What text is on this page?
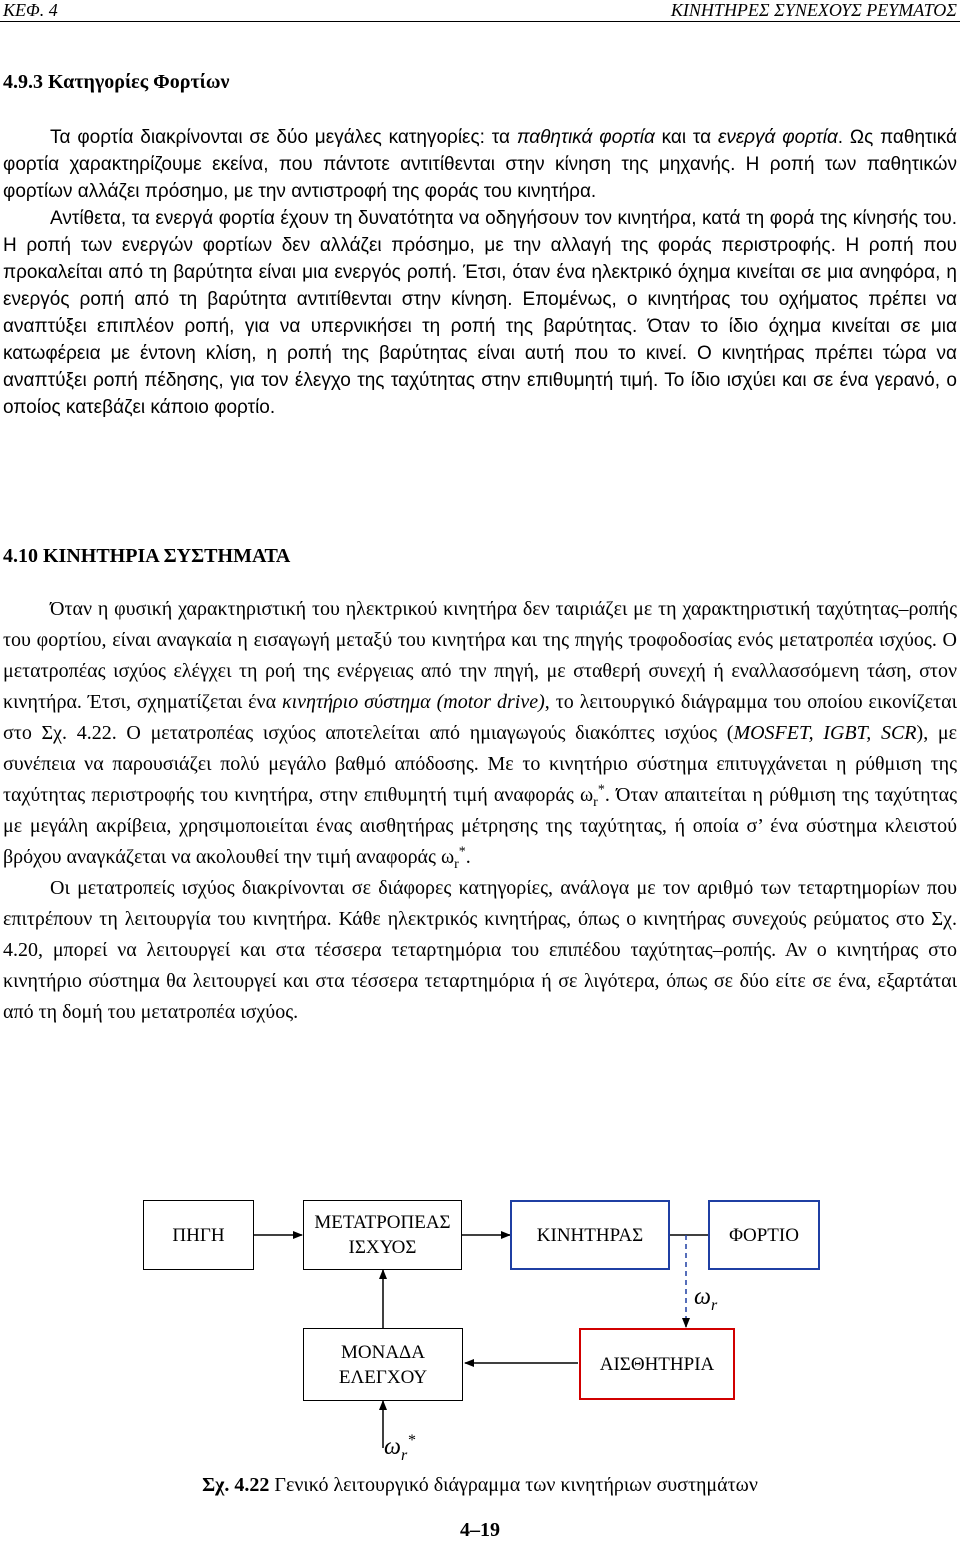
ΚΕΦ. 4	ΚΙΝΗΤΗΡΕΣ ΣΥΝΕΧΟΥΣ ΡΕΥΜΑΤΟΣ
4.9.3 Κατηγορίες Φορτίων

Τα φορτία διακρίνονται σε δύο μεγάλες κατηγορίες: τα παθητικά φορτία και τα ενεργά φορτία. Ως παθητικά φορτία χαρακτηρίζουμε εκείνα, που πάντοτε αντιτίθενται στην κίνηση της μηχανής. Η ροπή των παθητικών φορτίων αλλάζει πρόσημο, με την αντιστροφή της φοράς του κινητήρα.

Αντίθετα, τα ενεργά φορτία έχουν τη δυνατότητα να οδηγήσουν τον κινητήρα, κατά τη φορά της κίνησής του. Η ροπή των ενεργών φορτίων δεν αλλάζει πρόσημο, με την αλλαγή της φοράς περιστροφής. Η ροπή που προκαλείται από τη βαρύτητα είναι μια ενεργός ροπή. Έτσι, όταν ένα ηλεκτρικό όχημα κινείται σε μια ανηφόρα, η ενεργός ροπή από τη βαρύτητα αντιτίθενται στην κίνηση. Επομένως, ο κινητήρας του οχήματος πρέπει να αναπτύξει επιπλέον ροπή, για να υπερνικήσει τη ροπή της βαρύτητας. Όταν το ίδιο όχημα κινείται σε μια κατωφέρεια με έντονη κλίση, η ροπή της βαρύτητας είναι αυτή που το κινεί. Ο κινητήρας πρέπει τώρα να αναπτύξει ροπή πέδησης, για τον έλεγχο της ταχύτητας στην επιθυμητή τιμή. Το ίδιο ισχύει και σε ένα γερανό, ο οποίος κατεβάζει κάποιο φορτίο.

4.10 ΚΙΝΗΤΗΡΙΑ ΣΥΣΤΗΜΑΤΑ

Όταν η φυσική χαρακτηριστική του ηλεκτρικού κινητήρα δεν ταιριάζει με τη χαρακτηριστική ταχύτητας–ροπής του φορτίου, είναι αναγκαία η εισαγωγή μεταξύ του κινητήρα και της πηγής τροφοδοσίας ενός μετατροπέα ισχύος. Ο μετατροπέας ισχύος ελέγχει τη ροή της ενέργειας από την πηγή, με σταθερή συνεχή ή εναλλασσόμενη τάση, στον κινητήρα. Έτσι, σχηματίζεται ένα κινητήριο σύστημα (motor drive), το λειτουργικό διάγραμμα του οποίου εικονίζεται στο Σχ. 4.22. Ο μετατροπέας ισχύος αποτελείται από ημιαγωγούς διακόπτες ισχύος (MOSFET, IGBT, SCR), με συνέπεια να παρουσιάζει πολύ μεγάλο βαθμό απόδοσης. Με το κινητήριο σύστημα επιτυγχάνεται η ρύθμιση της ταχύτητας περιστροφής του κινητήρα, στην επιθυμητή τιμή αναφοράς $\omega_r^*$. Όταν απαιτείται η ρύθμιση της ταχύτητας με μεγάλη ακρίβεια, χρησιμοποιείται ένας αισθητήρας μέτρησης της ταχύτητας, ή οποία σ’ ένα σύστημα κλειστού βρόχου αναγκάζεται να ακολουθεί την τιμή αναφοράς $\omega_r^*$.

Οι μετατροπείς ισχύος διακρίνονται σε διάφορες κατηγορίες, ανάλογα με τον αριθμό των τεταρτημορίων που επιτρέπουν τη λειτουργία του κινητήρα. Κάθε ηλεκτρικός κινητήρας, όπως ο κινητήρας συνεχούς ρεύματος στο Σχ. 4.20, μπορεί να λειτουργεί και στα τέσσερα τεταρτημόρια του επιπέδου ταχύτητας–ροπής. Αν ο κινητήρας στο κινητήριο σύστημα θα λειτουργεί και στα τέσσερα τεταρτημόρια ή σε λιγότερα, όπως σε δύο είτε σε ένα, εξαρτάται από τη δομή του μετατροπέα ισχύος.

ΠΗΓΗ
ΜΕΤΑΤΡΟΠΕΑΣ
ΙΣΧΥΟΣ
ΚΙΝΗΤΗΡΑΣ	ΦΟΡΤΙΟ
ΜΟΝΑΔΑ
ΕΛΕΓΧΟΥ
ΑΙΣΘΗΤΗΡΙΑ
$\omega_r$
$\omega_r^*$
Σχ. 4.22 Γενικό λειτουργικό διάγραμμα των κινητήριων συστημάτων
4–19
